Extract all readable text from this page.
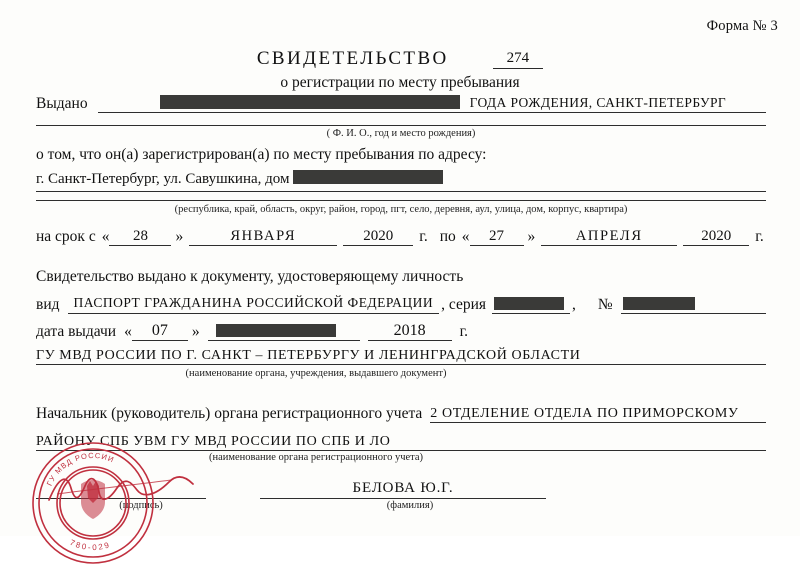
Форма № 3
СВИДЕТЕЛЬСТВО	274
о регистрации по месту пребывания
Выдано	ГОДА РОЖДЕНИЯ, САНКТ-ПЕТЕРБУРГ
( Ф. И. О., год и место рождения)
о том, что он(а) зарегистрирован(а) по месту пребывания по адресу:
г. Санкт-Петербург, ул. Савушкина, дом
(республика, край, область, округ, район, город, пгт, село, деревня, аул, улица, дом, корпус, квартира)
на срок с «	28	»	ЯНВАРЯ	2020	г. по «	27	»	АПРЕЛЯ	2020	г.
Свидетельство выдано к документу, удостоверяющему личность
вид	ПАСПОРТ ГРАЖДАНИНА РОССИЙСКОЙ ФЕДЕРАЦИИ , серия	, №
дата выдачи «	07	»	2018	г.
ГУ МВД РОССИИ ПО Г. САНКТ – ПЕТЕРБУРГУ И ЛЕНИНГРАДСКОЙ ОБЛАСТИ
(наименование органа, учреждения, выдавшего документ)
Начальник (руководитель) органа регистрационного учета 2 ОТДЕЛЕНИЕ ОТДЕЛА ПО ПРИМОРСКОМУ
РАЙОНУ СПБ УВМ ГУ МВД РОССИИ ПО СПБ И ЛО
(наименование органа регистрационного учета)
БЕЛОВА Ю.Г.
(подпись)	(фамилия)
ГУ МВД РОССИИ
780-029
